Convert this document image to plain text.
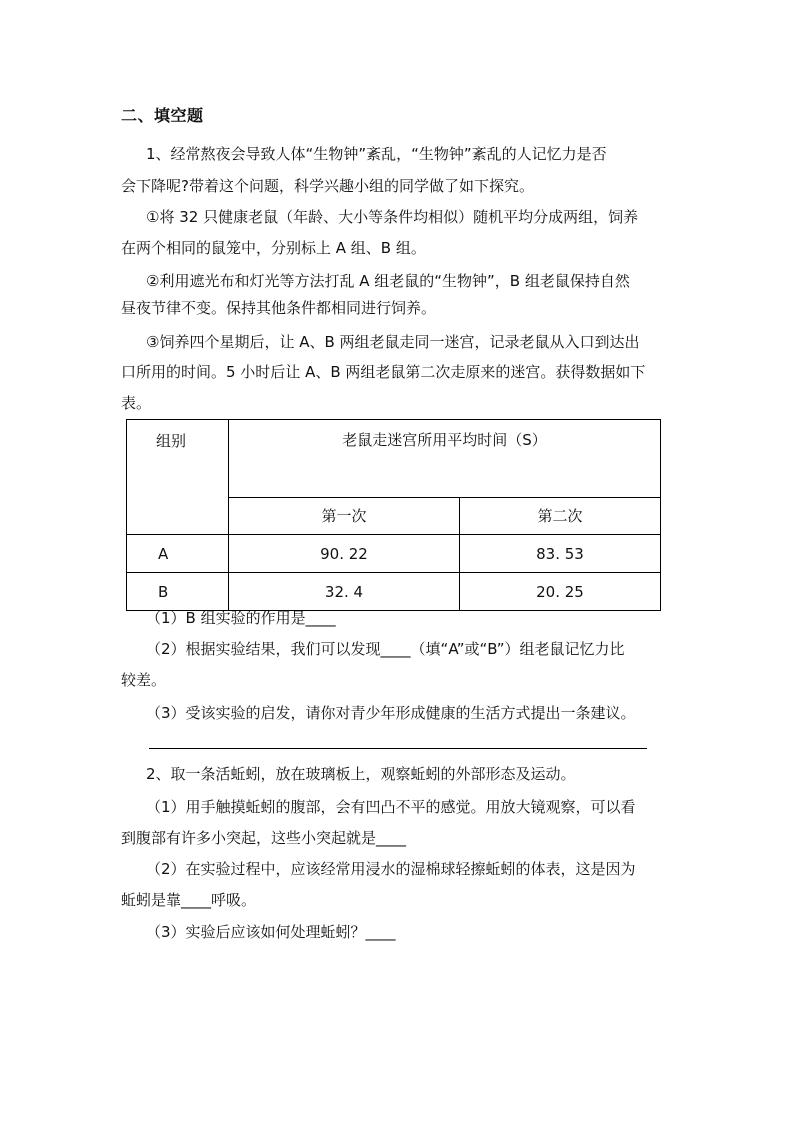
二、填空题
1、经常熬夜会导致人体“生物钟”紊乱，“生物钟”紊乱的人记忆力是否
会下降呢?带着这个问题，科学兴趣小组的同学做了如下探究。
①将 32 只健康老鼠（年龄、大小等条件均相似）随机平均分成两组，饲养
在两个相同的鼠笼中，分别标上 A 组、B 组。
②利用遮光布和灯光等方法打乱 A 组老鼠的“生物钟”，B 组老鼠保持自然
昼夜节律不变。保持其他条件都相同进行饲养。
③饲养四个星期后，让 A、B 两组老鼠走同一迷宫，记录老鼠从入口到达出
口所用的时间。5 小时后让 A、B 两组老鼠第二次走原来的迷宫。获得数据如下
表。
组别	老鼠走迷宫所用平均时间（S）	
	第一次	第二次
A	90. 22	83. 53
B	32. 4	20. 25
（1）B 组实验的作用是____
（2）根据实验结果，我们可以发现____（填“A”或“B”）组老鼠记忆力比
较差。
（3）受该实验的启发，请你对青少年形成健康的生活方式提出一条建议。
2、取一条活蚯蚓，放在玻璃板上，观察蚯蚓的外部形态及运动。
（1）用手触摸蚯蚓的腹部，会有凹凸不平的感觉。用放大镜观察，可以看
到腹部有许多小突起，这些小突起就是____
（2）在实验过程中，应该经常用浸水的湿棉球轻擦蚯蚓的体表，这是因为
蚯蚓是靠____呼吸。
（3）实验后应该如何处理蚯蚓？____
